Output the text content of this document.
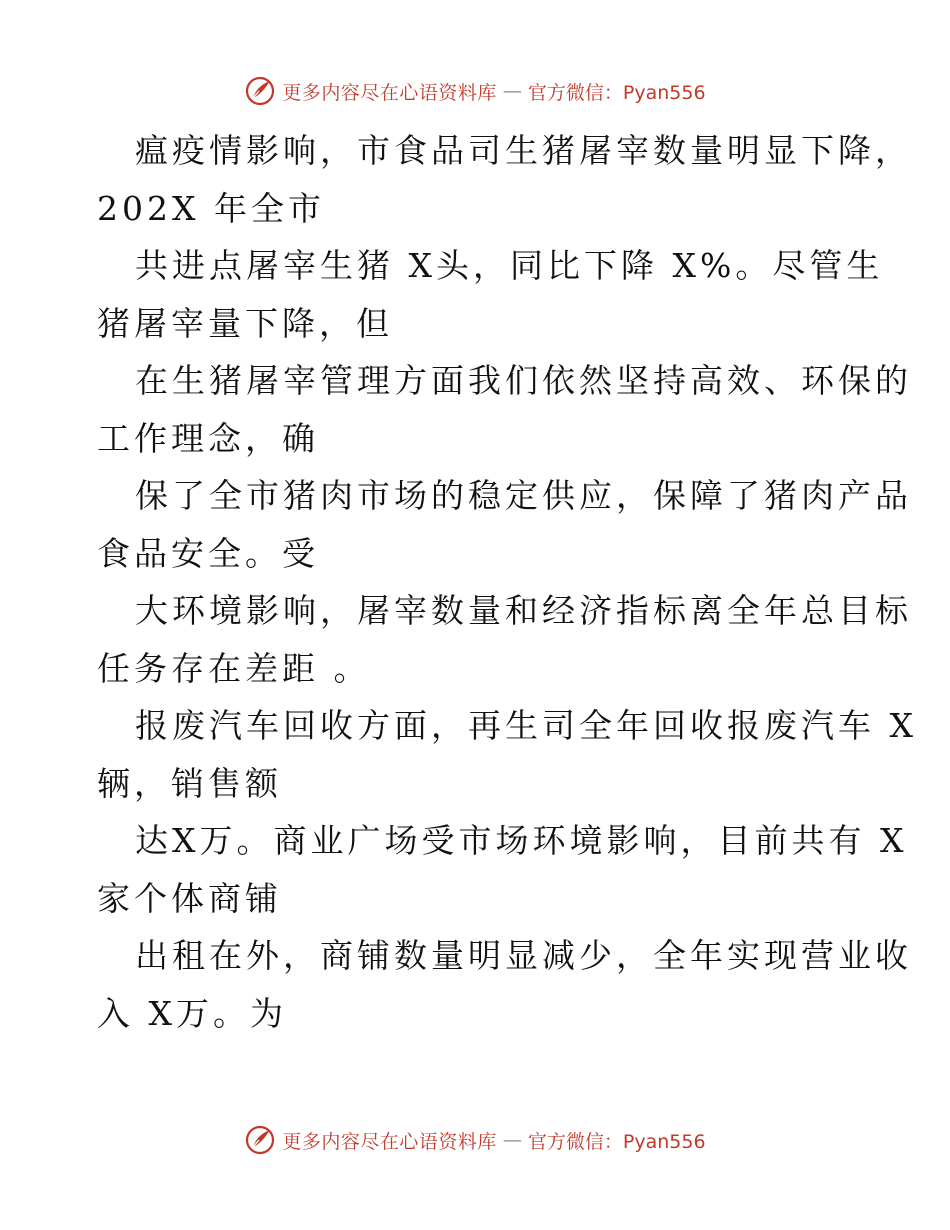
更多内容尽在心语资料库 — 官方微信：Pyan556
瘟疫情影响，市食品司生猪屠宰数量明显下降，
202X 年全市
共进点屠宰生猪 X头，同比下降 X%。尽管生
猪屠宰量下降，但
在生猪屠宰管理方面我们依然坚持高效、环保的
工作理念，确
保了全市猪肉市场的稳定供应，保障了猪肉产品
食品安全。受
大环境影响，屠宰数量和经济指标离全年总目标
任务存在差距 。
报废汽车回收方面，再生司全年回收报废汽车 X
辆，销售额
达X万。商业广场受市场环境影响，目前共有 X
家个体商铺
出租在外，商铺数量明显减少，全年实现营业收
入 X万。为
更多内容尽在心语资料库 — 官方微信：Pyan556
